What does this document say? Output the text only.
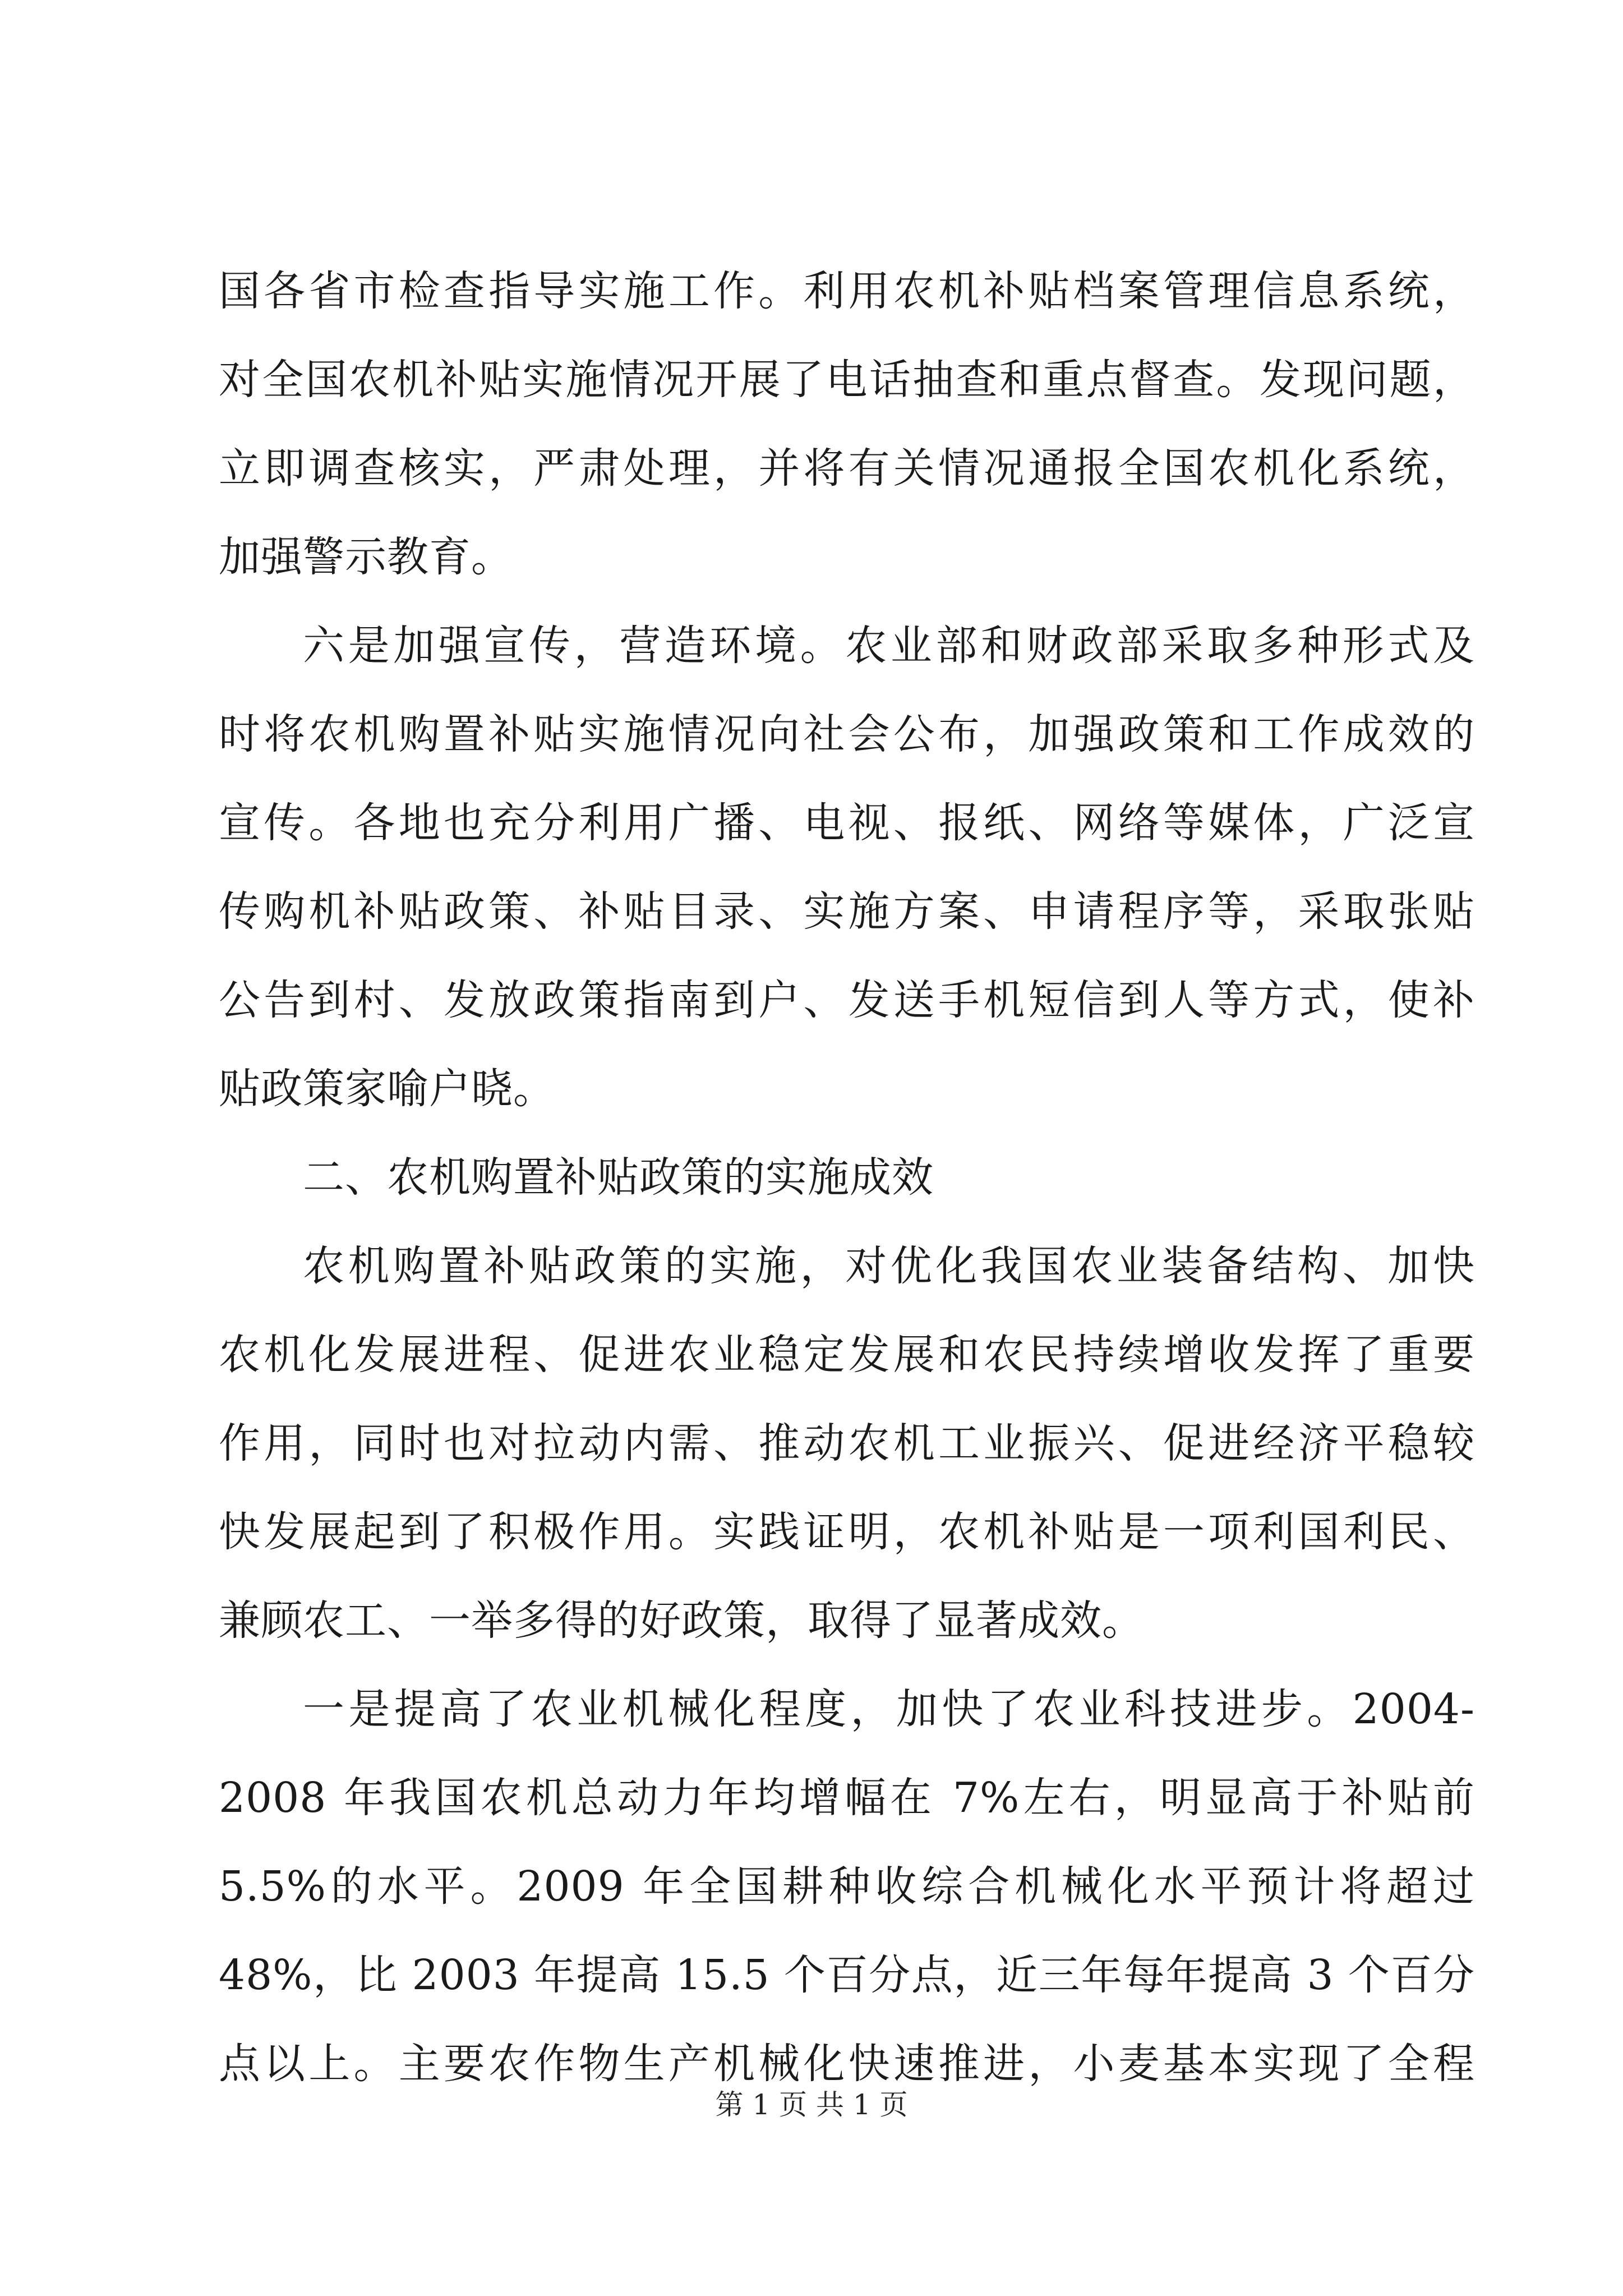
国各省市检查指导实施工作。利用农机补贴档案管理信息系统，
对全国农机补贴实施情况开展了电话抽查和重点督查。发现问题，
立即调查核实，严肃处理，并将有关情况通报全国农机化系统，
加强警示教育。
六是加强宣传，营造环境。农业部和财政部采取多种形式及
时将农机购置补贴实施情况向社会公布，加强政策和工作成效的
宣传。各地也充分利用广播、电视、报纸、网络等媒体，广泛宣
传购机补贴政策、补贴目录、实施方案、申请程序等，采取张贴
公告到村、发放政策指南到户、发送手机短信到人等方式，使补
贴政策家喻户晓。
二、农机购置补贴政策的实施成效
农机购置补贴政策的实施，对优化我国农业装备结构、加快
农机化发展进程、促进农业稳定发展和农民持续增收发挥了重要
作用，同时也对拉动内需、推动农机工业振兴、促进经济平稳较
快发展起到了积极作用。实践证明，农机补贴是一项利国利民、
兼顾农工、一举多得的好政策，取得了显著成效。
一是提高了农业机械化程度，加快了农业科技进步。2004-
2008 年我国农机总动力年均增幅在 7%左右，明显高于补贴前
5.5%的水平。2009 年全国耕种收综合机械化水平预计将超过
48%，比 2003 年提高 15.5 个百分点，近三年每年提高 3 个百分
点以上。主要农作物生产机械化快速推进，小麦基本实现了全程
第 1 页 共 1 页
